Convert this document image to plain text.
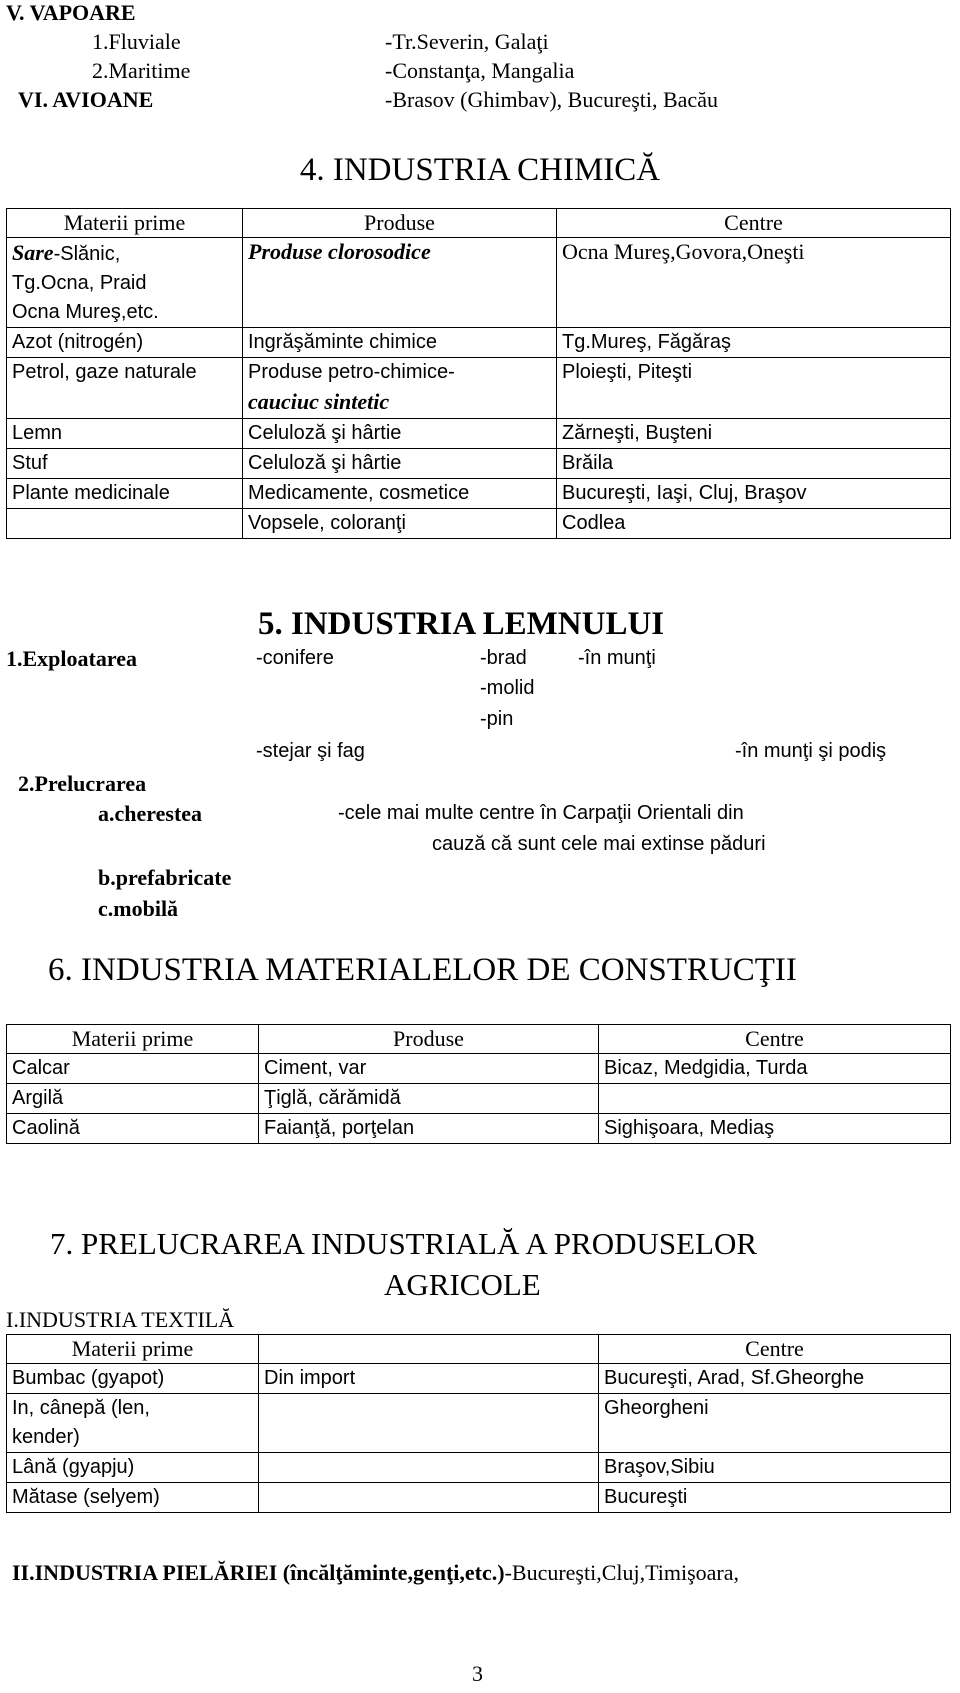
V. VAPOARE
1.Fluviale	-Tr.Severin, Galaţi
2.Maritime	-Constanţa, Mangalia
VI. AVIOANE	-Brasov (Ghimbav), Bucureşti, Bacău
4. INDUSTRIA CHIMICĂ
Materii prime	Produse	Centre
Sare-Slănic,
Tg.Ocna, Praid
Ocna Mureş,etc.	Produse clorosodice	Ocna Mureş,Govora,Oneşti
Azot (nitrogén)	Ingrăşăminte chimice	Tg.Mureş, Făgăraş
Petrol, gaze naturale	Produse petro-chimice-
cauciuc sintetic	Ploieşti, Piteşti
Lemn	Celuloză şi hârtie	Zărneşti, Buşteni
Stuf	Celuloză şi hârtie	Brăila
Plante medicinale	Medicamente, cosmetice	Bucureşti, Iaşi, Cluj, Braşov
	Vopsele, coloranţi	Codlea
5. INDUSTRIA LEMNULUI
1.Exploatarea	-conifere	-brad	-în munţi
-molid
-pin
-stejar şi fag	-în munţi şi podiş
2.Prelucrarea
a.cherestea	-cele mai multe centre în Carpaţii Orientali din
cauză că sunt cele mai extinse păduri
b.prefabricate
c.mobilă
6. INDUSTRIA MATERIALELOR DE CONSTRUCŢII
Materii prime	Produse	Centre
Calcar	Ciment, var	Bicaz, Medgidia, Turda
Argilă	Ţiglă, cărămidă	
Caolină	Faianţă, porţelan	Sighişoara, Mediaş
7. PRELUCRAREA INDUSTRIALĂ A PRODUSELOR
AGRICOLE
I.INDUSTRIA TEXTILĂ
Materii prime		Centre
Bumbac (gyapot)	Din import	Bucureşti, Arad, Sf.Gheorghe
In, cânepă (len,
kender)		Gheorgheni
Lână (gyapju)		Braşov,Sibiu
Mătase (selyem)		Bucureşti
II.INDUSTRIA PIELĂRIEI (încălţăminte,genţi,etc.)-Bucureşti,Cluj,Timişoara,
3
